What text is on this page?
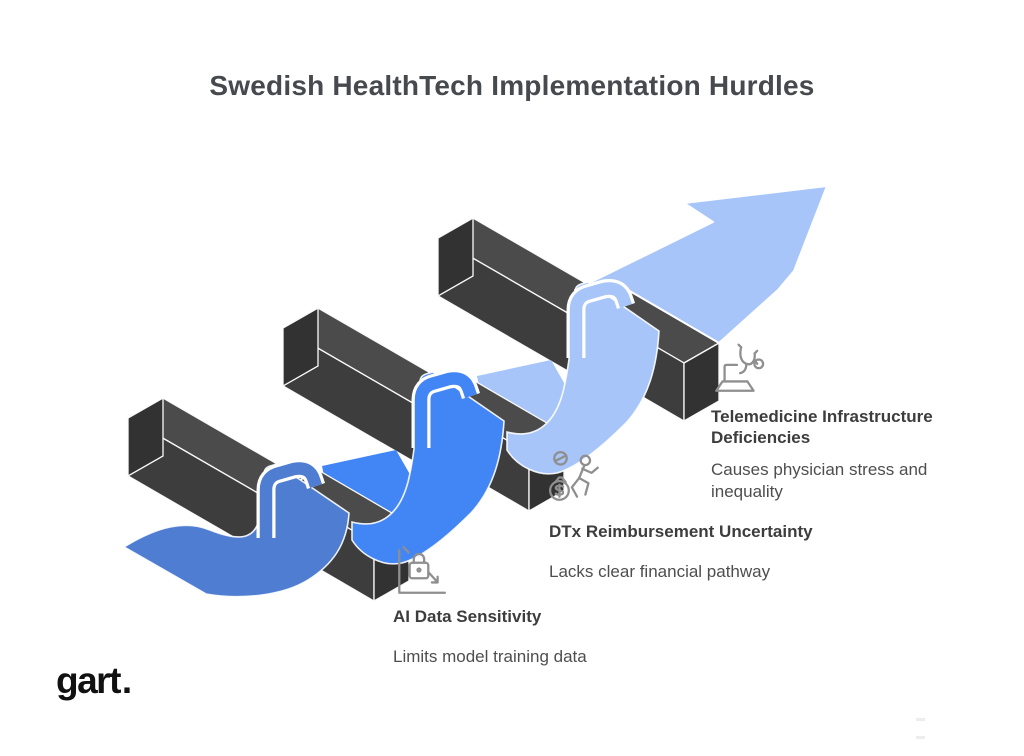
Swedish HealthTech Implementation Hurdles
AI Data Sensitivity
Limits model training data
DTx Reimbursement Uncertainty
Lacks clear financial pathway
Telemedicine Infrastructure Deficiencies
Causes physician stress and inequality
gart.
